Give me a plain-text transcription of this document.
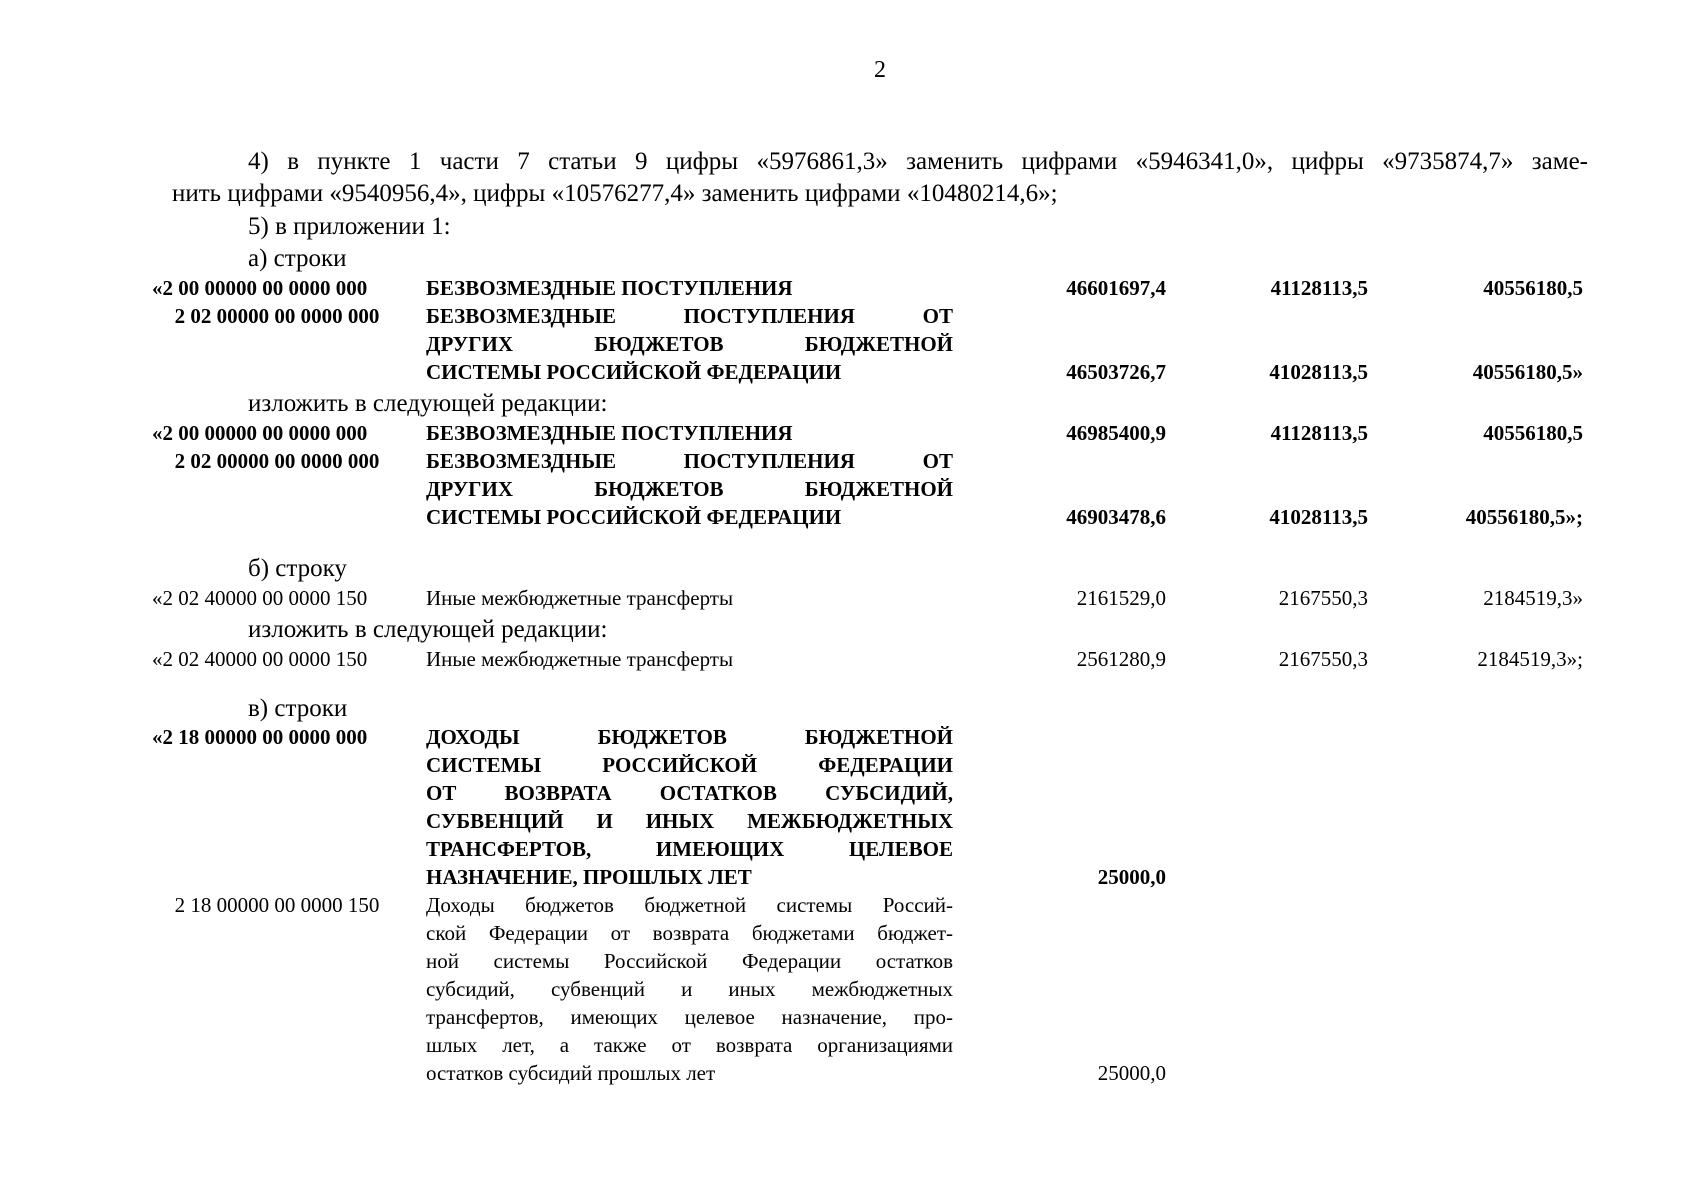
2
4) в пункте 1 части 7 статьи 9 цифры «5976861,3» заменить цифрами «5946341,0», цифры «9735874,7» заме-
нить цифрами «9540956,4», цифры «10576277,4» заменить цифрами «10480214,6»;
5) в приложении 1:
а) строки
«2 00 00000 00 0000 000	БЕЗВОЗМЕЗДНЫЕ ПОСТУПЛЕНИЯ	46601697,4	41128113,5	40556180,5
2 02 00000 00 0000 000	БЕЗВОЗМЕЗДНЫЕ ПОСТУПЛЕНИЯ ОТ
ДРУГИХ БЮДЖЕТОВ БЮДЖЕТНОЙ
СИСТЕМЫ РОССИЙСКОЙ ФЕДЕРАЦИИ	46503726,7	41028113,5	40556180,5»
изложить в следующей редакции:
«2 00 00000 00 0000 000	БЕЗВОЗМЕЗДНЫЕ ПОСТУПЛЕНИЯ	46985400,9	41128113,5	40556180,5
2 02 00000 00 0000 000	БЕЗВОЗМЕЗДНЫЕ ПОСТУПЛЕНИЯ ОТ
ДРУГИХ БЮДЖЕТОВ БЮДЖЕТНОЙ
СИСТЕМЫ РОССИЙСКОЙ ФЕДЕРАЦИИ	46903478,6	41028113,5	40556180,5»;
б) строку
«2 02 40000 00 0000 150	Иные межбюджетные трансферты	2161529,0	2167550,3	2184519,3»
изложить в следующей редакции:
«2 02 40000 00 0000 150	Иные межбюджетные трансферты	2561280,9	2167550,3	2184519,3»;
в) строки
«2 18 00000 00 0000 000	ДОХОДЫ БЮДЖЕТОВ БЮДЖЕТНОЙ
СИСТЕМЫ РОССИЙСКОЙ ФЕДЕРАЦИИ
ОТ ВОЗВРАТА ОСТАТКОВ СУБСИДИЙ,
СУБВЕНЦИЙ И ИНЫХ МЕЖБЮДЖЕТНЫХ
ТРАНСФЕРТОВ, ИМЕЮЩИХ ЦЕЛЕВОЕ
НАЗНАЧЕНИЕ, ПРОШЛЫХ ЛЕТ	25000,0
2 18 00000 00 0000 150	Доходы бюджетов бюджетной системы Россий-
ской Федерации от возврата бюджетами бюджет-
ной системы Российской Федерации остатков
субсидий, субвенций и иных межбюджетных
трансфертов, имеющих целевое назначение, про-
шлых лет, а также от возврата организациями
остатков субсидий прошлых лет	25000,0
